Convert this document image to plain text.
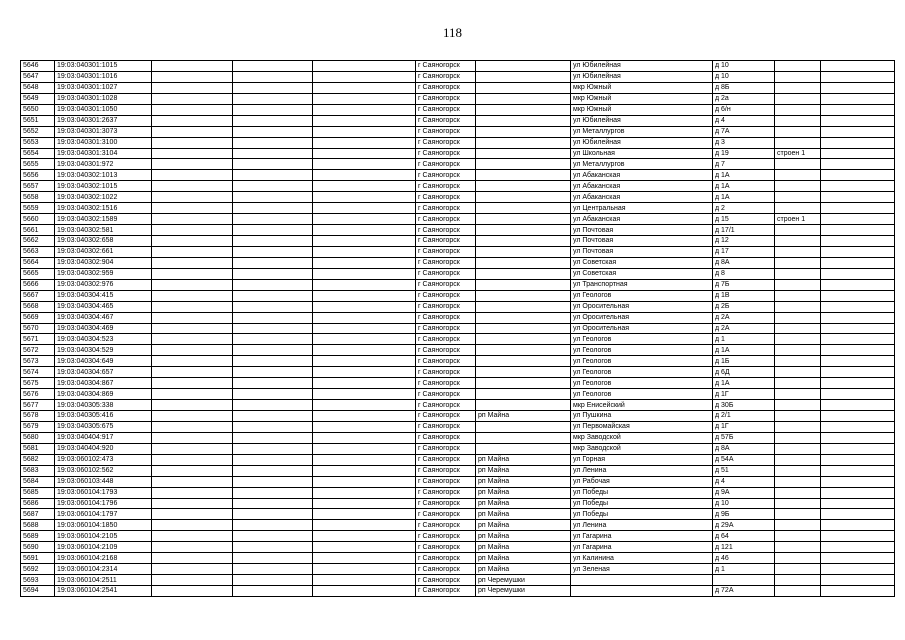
118
5646	19:03:040301:1015				г Саяногорск		ул Юбилейная	д 10		
5647	19:03:040301:1016				г Саяногорск		ул Юбилейная	д 10		
5648	19:03:040301:1027				г Саяногорск		мкр Южный	д 8Б		
5649	19:03:040301:1028				г Саяногорск		мкр Южный	д 2а		
5650	19:03:040301:1050				г Саяногорск		мкр Южный	д 6/н		
5651	19:03:040301:2637				г Саяногорск		ул Юбилейная	д 4		
5652	19:03:040301:3073				г Саяногорск		ул Металлургов	д 7А		
5653	19:03:040301:3100				г Саяногорск		ул Юбилейная	д 3		
5654	19:03:040301:3104				г Саяногорск		ул Школьная	д 19	строен 1	
5655	19:03:040301:972				г Саяногорск		ул Металлургов	д 7		
5656	19:03:040302:1013				г Саяногорск		ул Абаканская	д 1А		
5657	19:03:040302:1015				г Саяногорск		ул Абаканская	д 1А		
5658	19:03:040302:1022				г Саяногорск		ул Абаканская	д 1А		
5659	19:03:040302:1516				г Саяногорск		ул Центральная	д 2		
5660	19:03:040302:1589				г Саяногорск		ул Абаканская	д 15	строен 1	
5661	19:03:040302:581				г Саяногорск		ул Почтовая	д 17/1		
5662	19:03:040302:658				г Саяногорск		ул Почтовая	д 12		
5663	19:03:040302:661				г Саяногорск		ул Почтовая	д 17		
5664	19:03:040302:904				г Саяногорск		ул Советская	д 8А		
5665	19:03:040302:959				г Саяногорск		ул Советская	д 8		
5666	19:03:040302:976				г Саяногорск		ул Транспортная	д 7Б		
5667	19:03:040304:415				г Саяногорск		ул Геологов	д 1В		
5668	19:03:040304:465				г Саяногорск		ул Оросительная	д 2Б		
5669	19:03:040304:467				г Саяногорск		ул Оросительная	д 2А		
5670	19:03:040304:469				г Саяногорск		ул Оросительная	д 2А		
5671	19:03:040304:523				г Саяногорск		ул Геологов	д 1		
5672	19:03:040304:529				г Саяногорск		ул Геологов	д 1А		
5673	19:03:040304:649				г Саяногорск		ул Геологов	д 1Б		
5674	19:03:040304:657				г Саяногорск		ул Геологов	д 6Д		
5675	19:03:040304:867				г Саяногорск		ул Геологов	д 1А		
5676	19:03:040304:869				г Саяногорск		ул Геологов	д 1Г		
5677	19:03:040305:338				г Саяногорск		мкр Енисейский	д 30Б		
5678	19:03:040305:416				г Саяногорск	рп Майна	ул Пушкина	д 2/1		
5679	19:03:040305:675				г Саяногорск		ул Первомайская	д 1Г		
5680	19:03:040404:917				г Саяногорск		мкр Заводской	д 57Б		
5681	19:03:040404:920				г Саяногорск		мкр Заводской	д 8А		
5682	19:03:060102:473				г Саяногорск	рп Майна	ул Горная	д 54А		
5683	19:03:060102:562				г Саяногорск	рп Майна	ул Ленина	д 51		
5684	19:03:060103:448				г Саяногорск	рп Майна	ул Рабочая	д 4		
5685	19:03:060104:1793				г Саяногорск	рп Майна	ул Победы	д 9А		
5686	19:03:060104:1796				г Саяногорск	рп Майна	ул Победы	д 10		
5687	19:03:060104:1797				г Саяногорск	рп Майна	ул Победы	д 9Б		
5688	19:03:060104:1850				г Саяногорск	рп Майна	ул Ленина	д 29А		
5689	19:03:060104:2105				г Саяногорск	рп Майна	ул Гагарина	д 64		
5690	19:03:060104:2109				г Саяногорск	рп Майна	ул Гагарина	д 121		
5691	19:03:060104:2168				г Саяногорск	рп Майна	ул Калинина	д 46		
5692	19:03:060104:2314				г Саяногорск	рп Майна	ул Зеленая	д 1		
5693	19:03:060104:2511				г Саяногорск	рп Черемушки				
5694	19:03:060104:2541				г Саяногорск	рп Черемушки		д 72А		
